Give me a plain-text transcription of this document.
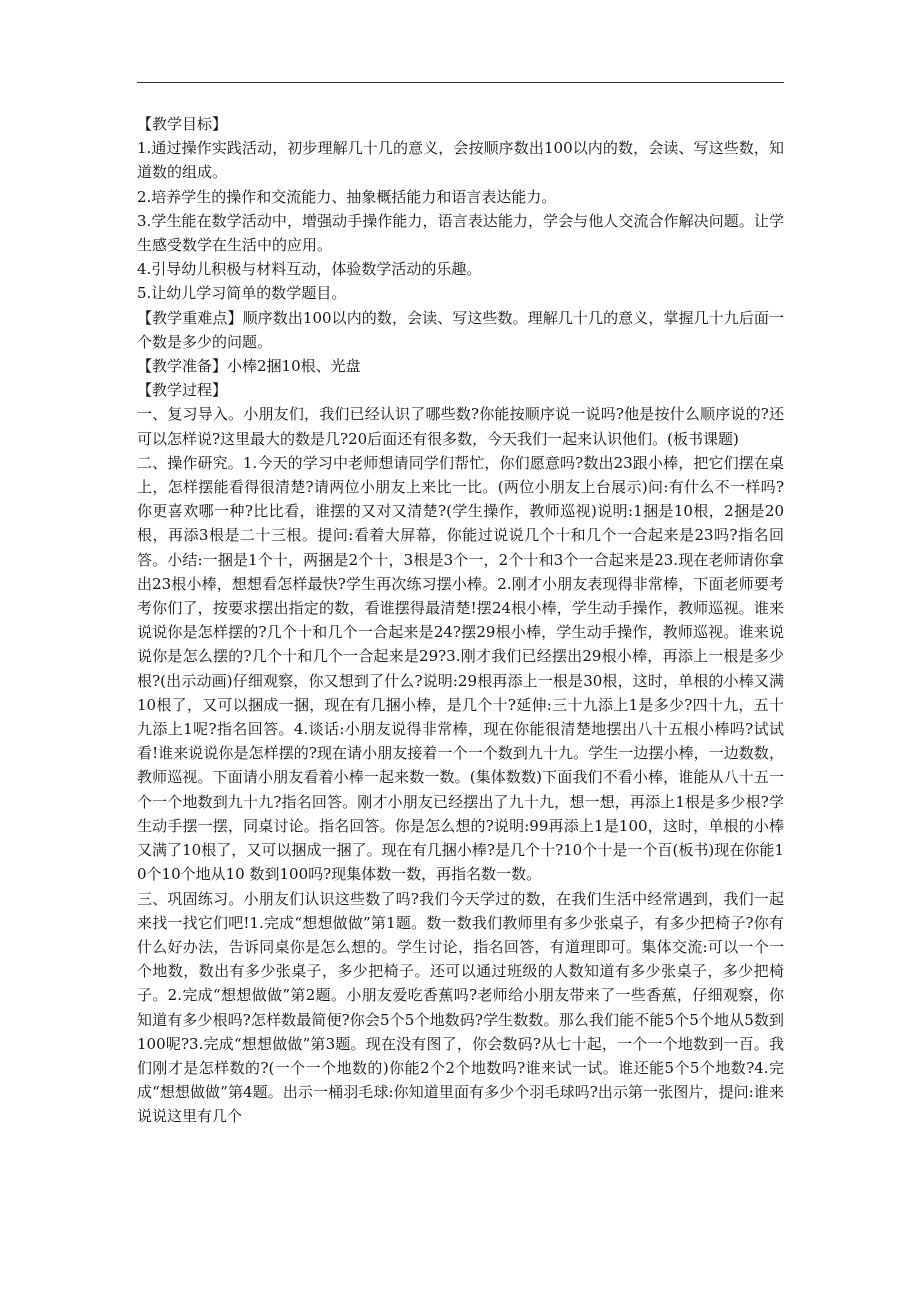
【教学目标】

1.通过操作实践活动，初步理解几十几的意义，会按顺序数出100以内的数，会读、写这些数，知道数的组成。

2.培养学生的操作和交流能力、抽象概括能力和语言表达能力。

3.学生能在数学活动中，增强动手操作能力，语言表达能力，学会与他人交流合作解决问题。让学生感受数学在生活中的应用。

4.引导幼儿积极与材料互动，体验数学活动的乐趣。

5.让幼儿学习简单的数学题目。

【教学重难点】顺序数出100以内的数，会读、写这些数。理解几十几的意义，掌握几十九后面一个数是多少的问题。

【教学准备】小棒2捆10根、光盘

【教学过程】

一、复习导入。小朋友们，我们已经认识了哪些数?你能按顺序说一说吗?他是按什么顺序说的?还可以怎样说?这里最大的数是几?20后面还有很多数，今天我们一起来认识他们。(板书课题)

二、操作研究。1.今天的学习中老师想请同学们帮忙，你们愿意吗?数出23跟小棒，把它们摆在桌上，怎样摆能看得很清楚?请两位小朋友上来比一比。(两位小朋友上台展示)问:有什么不一样吗?你更喜欢哪一种?比比看，谁摆的又对又清楚?(学生操作，教师巡视)说明:1捆是10根，2捆是20根，再添3根是二十三根。提问:看着大屏幕，你能过说说几个十和几个一合起来是23吗?指名回答。小结:一捆是1个十，两捆是2个十，3根是3个一，2个十和3个一合起来是23.现在老师请你拿出23根小棒，想想看怎样最快?学生再次练习摆小棒。2.刚才小朋友表现得非常棒，下面老师要考考你们了，按要求摆出指定的数，看谁摆得最清楚!摆24根小棒，学生动手操作，教师巡视。谁来说说你是怎样摆的?几个十和几个一合起来是24?摆29根小棒，学生动手操作，教师巡视。谁来说说你是怎么摆的?几个十和几个一合起来是29?3.刚才我们已经摆出29根小棒，再添上一根是多少根?(出示动画)仔细观察，你又想到了什么?说明:29根再添上一根是30根，这时，单根的小棒又满10根了，又可以捆成一捆，现在有几捆小棒，是几个十?延伸:三十九添上1是多少?四十九，五十九添上1呢?指名回答。4.谈话:小朋友说得非常棒，现在你能很清楚地摆出八十五根小棒吗?试试看!谁来说说你是怎样摆的?现在请小朋友接着一个一个数到九十九。学生一边摆小棒，一边数数，教师巡视。下面请小朋友看着小棒一起来数一数。(集体数数)下面我们不看小棒，谁能从八十五一个一个地数到九十九?指名回答。刚才小朋友已经摆出了九十九，想一想，再添上1根是多少根?学生动手摆一摆，同桌讨论。指名回答。你是怎么想的?说明:99再添上1是100，这时，单根的小棒又满了10根了，又可以捆成一捆了。现在有几捆小棒?是几个十?10个十是一个百(板书)现在你能10个10个地从10 数到100吗?现集体数一数，再指名数一数。

三、巩固练习。小朋友们认识这些数了吗?我们今天学过的数，在我们生活中经常遇到，我们一起来找一找它们吧!1.完成“想想做做”第1题。数一数我们教师里有多少张桌子，有多少把椅子?你有什么好办法，告诉同桌你是怎么想的。学生讨论，指名回答，有道理即可。集体交流:可以一个一个地数，数出有多少张桌子，多少把椅子。还可以通过班级的人数知道有多少张桌子，多少把椅子。2.完成“想想做做”第2题。小朋友爱吃香蕉吗?老师给小朋友带来了一些香蕉，仔细观察，你知道有多少根吗?怎样数最简便?你会5个5个地数码?学生数数。那么我们能不能5个5个地从5数到100呢?3.完成“想想做做”第3题。现在没有图了，你会数码?从七十起，一个一个地数到一百。我们刚才是怎样数的?(一个一个地数的)你能2个2个地数吗?谁来试一试。谁还能5个5个地数?4.完成“想想做做”第4题。出示一桶羽毛球:你知道里面有多少个羽毛球吗?出示第一张图片，提问:谁来说说这里有几个
